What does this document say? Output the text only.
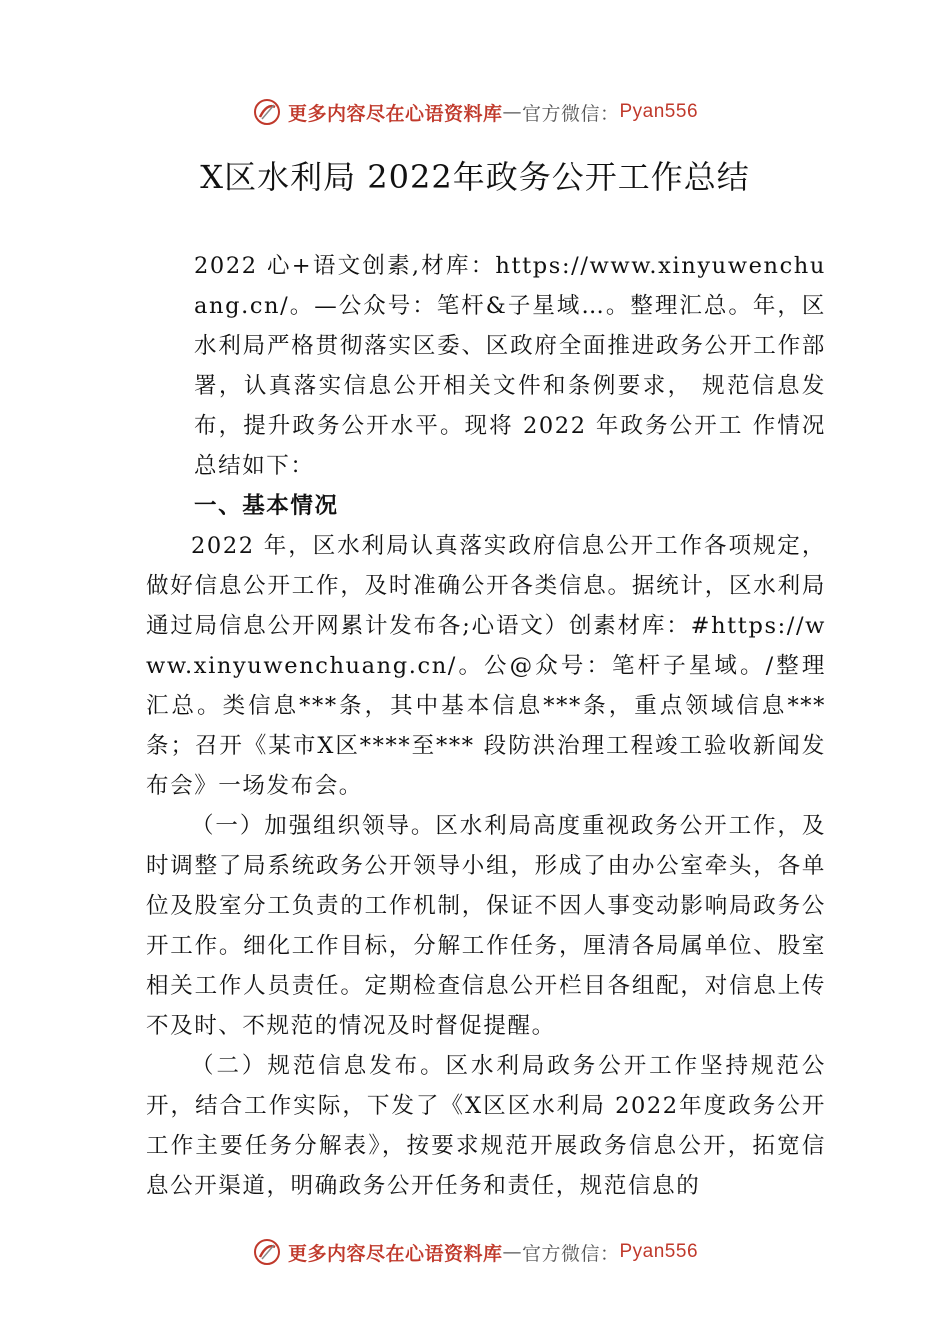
更多内容尽在心语资料库 — 官方微信： Pyan556
X区水利局 2022年政务公开工作总结

2022 心+语文创素,材库：https://www.xinyuwenchuang.cn/。—公众号：笔杆&子星域…。整理汇总。年，区水利局严格贯彻落实区委、区政府全面推进政务公开工作部署，认真落实信息公开相关文件和条例要求， 规范信息发布，提升政务公开水平。现将 2022 年政务公开工 作情况总结如下：

一、基本情况

2022 年，区水利局认真落实政府信息公开工作各项规定，做好信息公开工作，及时准确公开各类信息。据统计，区水利局通过局信息公开网累计发布各;心语文）创素材库：#https://www.xinyuwenchuang.cn/。公@众号：笔杆子星域。/整理汇总。类信息***条，其中基本信息***条，重点领域信息***条；召开《某市X区****至*** 段防洪治理工程竣工验收新闻发布会》一场发布会。

（一）加强组织领导。区水利局高度重视政务公开工作，及时调整了局系统政务公开领导小组，形成了由办公室牵头，各单位及股室分工负责的工作机制，保证不因人事变动影响局政务公开工作。细化工作目标，分解工作任务，厘清各局属单位、股室相关工作人员责任。定期检查信息公开栏目各组配，对信息上传不及时、不规范的情况及时督促提醒。

（二）规范信息发布。区水利局政务公开工作坚持规范公开，结合工作实际，下发了《X区区水利局 2022年度政务公开工作主要任务分解表》，按要求规范开展政务信息公开，拓宽信息公开渠道，明确政务公开任务和责任，规范信息的

更多内容尽在心语资料库 — 官方微信： Pyan556
